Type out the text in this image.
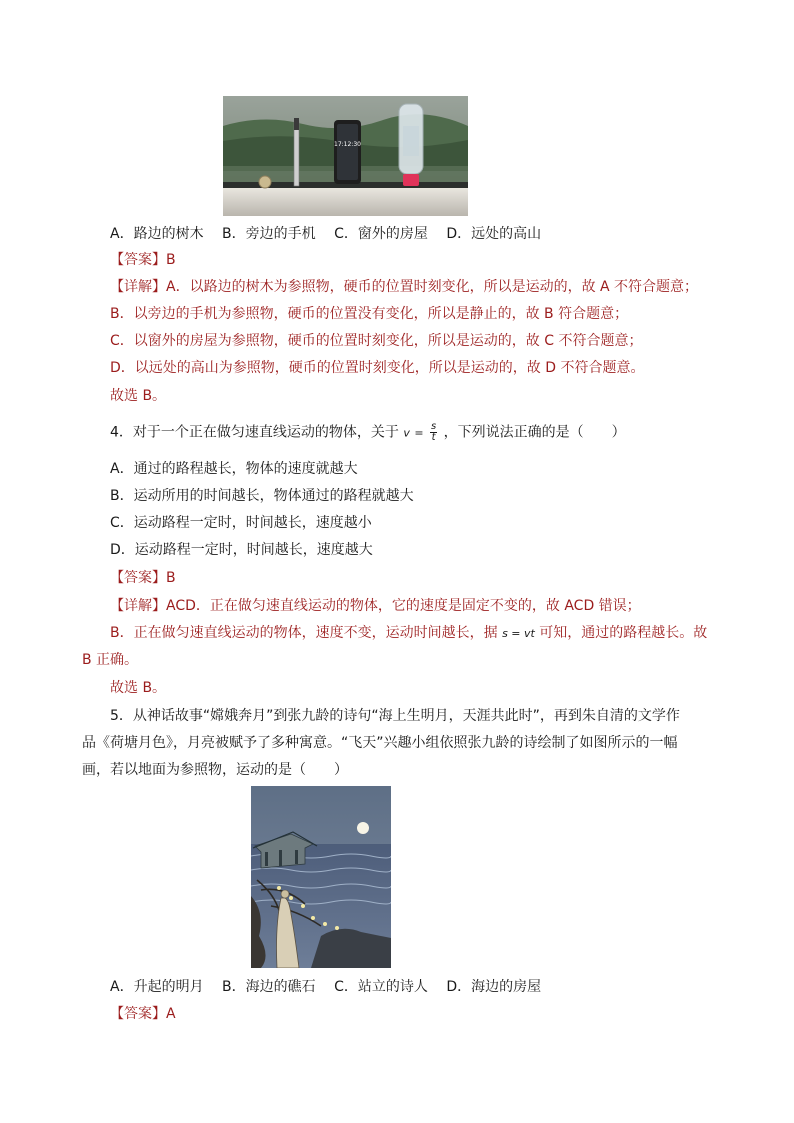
17:12:30
A．路边的树木 B．旁边的手机 C．窗外的房屋 D．远处的高山
【答案】B
【详解】A．以路边的树木为参照物，硬币的位置时刻变化，所以是运动的，故 A 不符合题意；
B．以旁边的手机为参照物，硬币的位置没有变化，所以是静止的，故 B 符合题意；
C．以窗外的房屋为参照物，硬币的位置时刻变化，所以是运动的，故 C 不符合题意；
D．以远处的高山为参照物，硬币的位置时刻变化，所以是运动的，故 D 不符合题意。
故选 B。
4．对于一个正在做匀速直线运动的物体，关于 $v = \frac{s}{t}$ ，下列说法正确的是（　　）
A．通过的路程越长，物体的速度就越大
B．运动所用的时间越长，物体通过的路程就越大
C．运动路程一定时，时间越长，速度越小
D．运动路程一定时，时间越长，速度越大
【答案】B
【详解】ACD．正在做匀速直线运动的物体，它的速度是固定不变的，故 ACD 错误；
B．正在做匀速直线运动的物体，速度不变，运动时间越长，据 s = vt 可知，通过的路程越长。故
B 正确。
故选 B。
5．从神话故事“嫦娥奔月”到张九龄的诗句“海上生明月，天涯共此时”，再到朱自清的文学作
品《荷塘月色》，月亮被赋予了多种寓意。“飞天”兴趣小组依照张九龄的诗绘制了如图所示的一幅
画，若以地面为参照物，运动的是（　　）
A．升起的明月 B．海边的礁石 C．站立的诗人 D．海边的房屋
【答案】A
